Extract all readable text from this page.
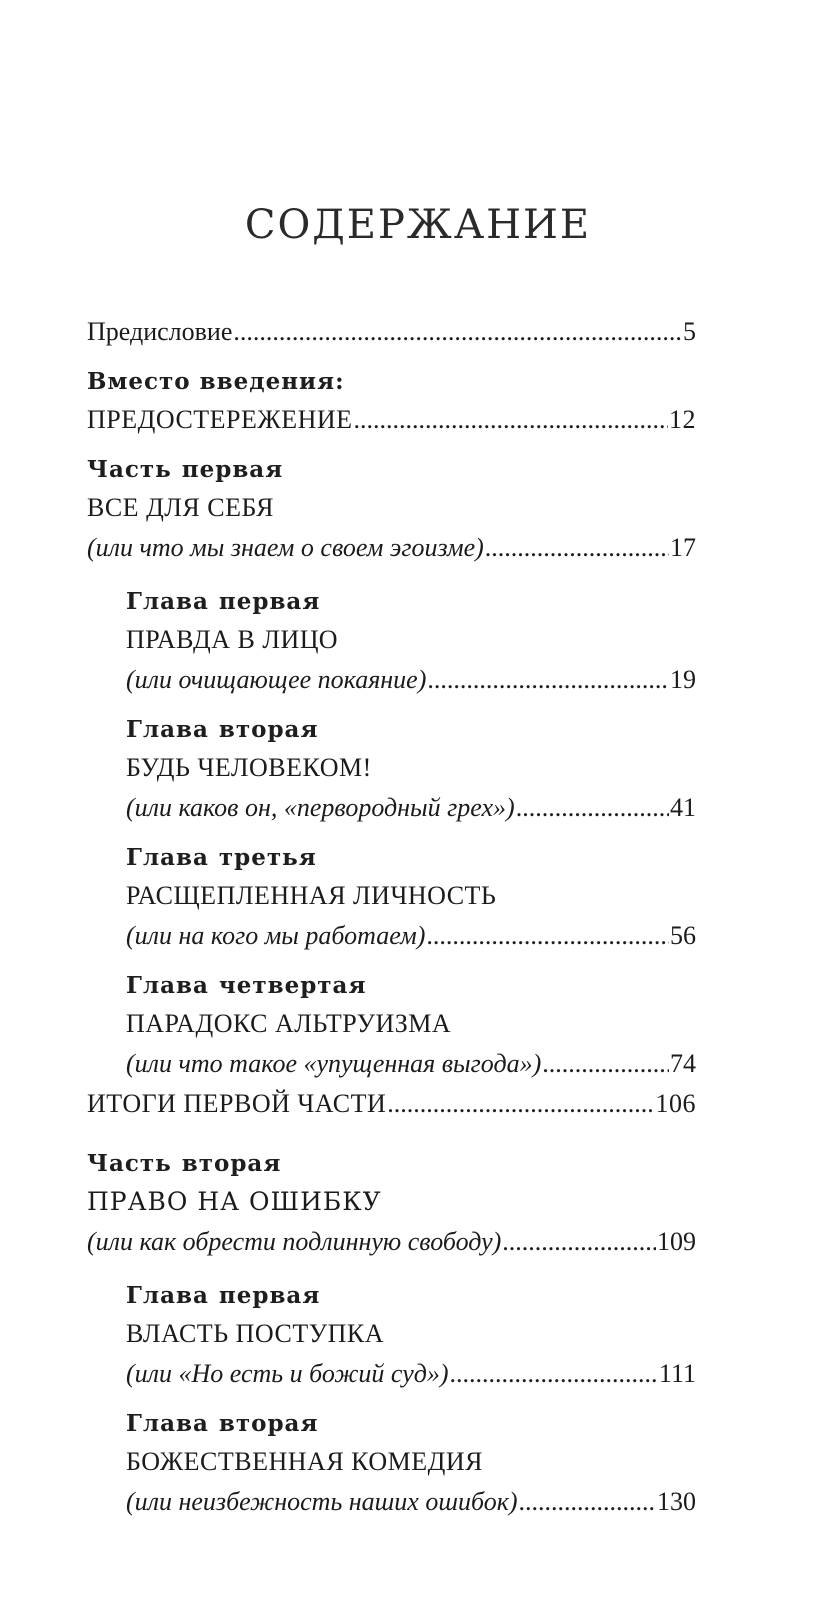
СОДЕРЖАНИЕ
Предисловие .....	5
Вместо введения:
ПРЕДОСТЕРЕЖЕНИЕ .....	12
Часть первая
ВСЕ ДЛЯ СЕБЯ
(или что мы знаем о своем эгоизме) .....	17
Глава первая
ПРАВДА В ЛИЦО
(или очищающее покаяние) .....	19
Глава вторая
БУДЬ ЧЕЛОВЕКОМ!
(или каков он, «первородный грех») .....	41
Глава третья
РАСЩЕПЛЕННАЯ ЛИЧНОСТЬ
(или на кого мы работаем) .....	56
Глава четвертая
ПАРАДОКС АЛЬТРУИЗМА
(или что такое «упущенная выгода») .....	74
ИТОГИ ПЕРВОЙ ЧАСТИ .....	106
Часть вторая
ПРАВО НА ОШИБКУ
(или как обрести подлинную свободу) .....	109
Глава первая
ВЛАСТЬ ПОСТУПКА
(или «Но есть и божий суд») .....	111
Глава вторая
БОЖЕСТВЕННАЯ КОМЕДИЯ
(или неизбежность наших ошибок) .....	130
